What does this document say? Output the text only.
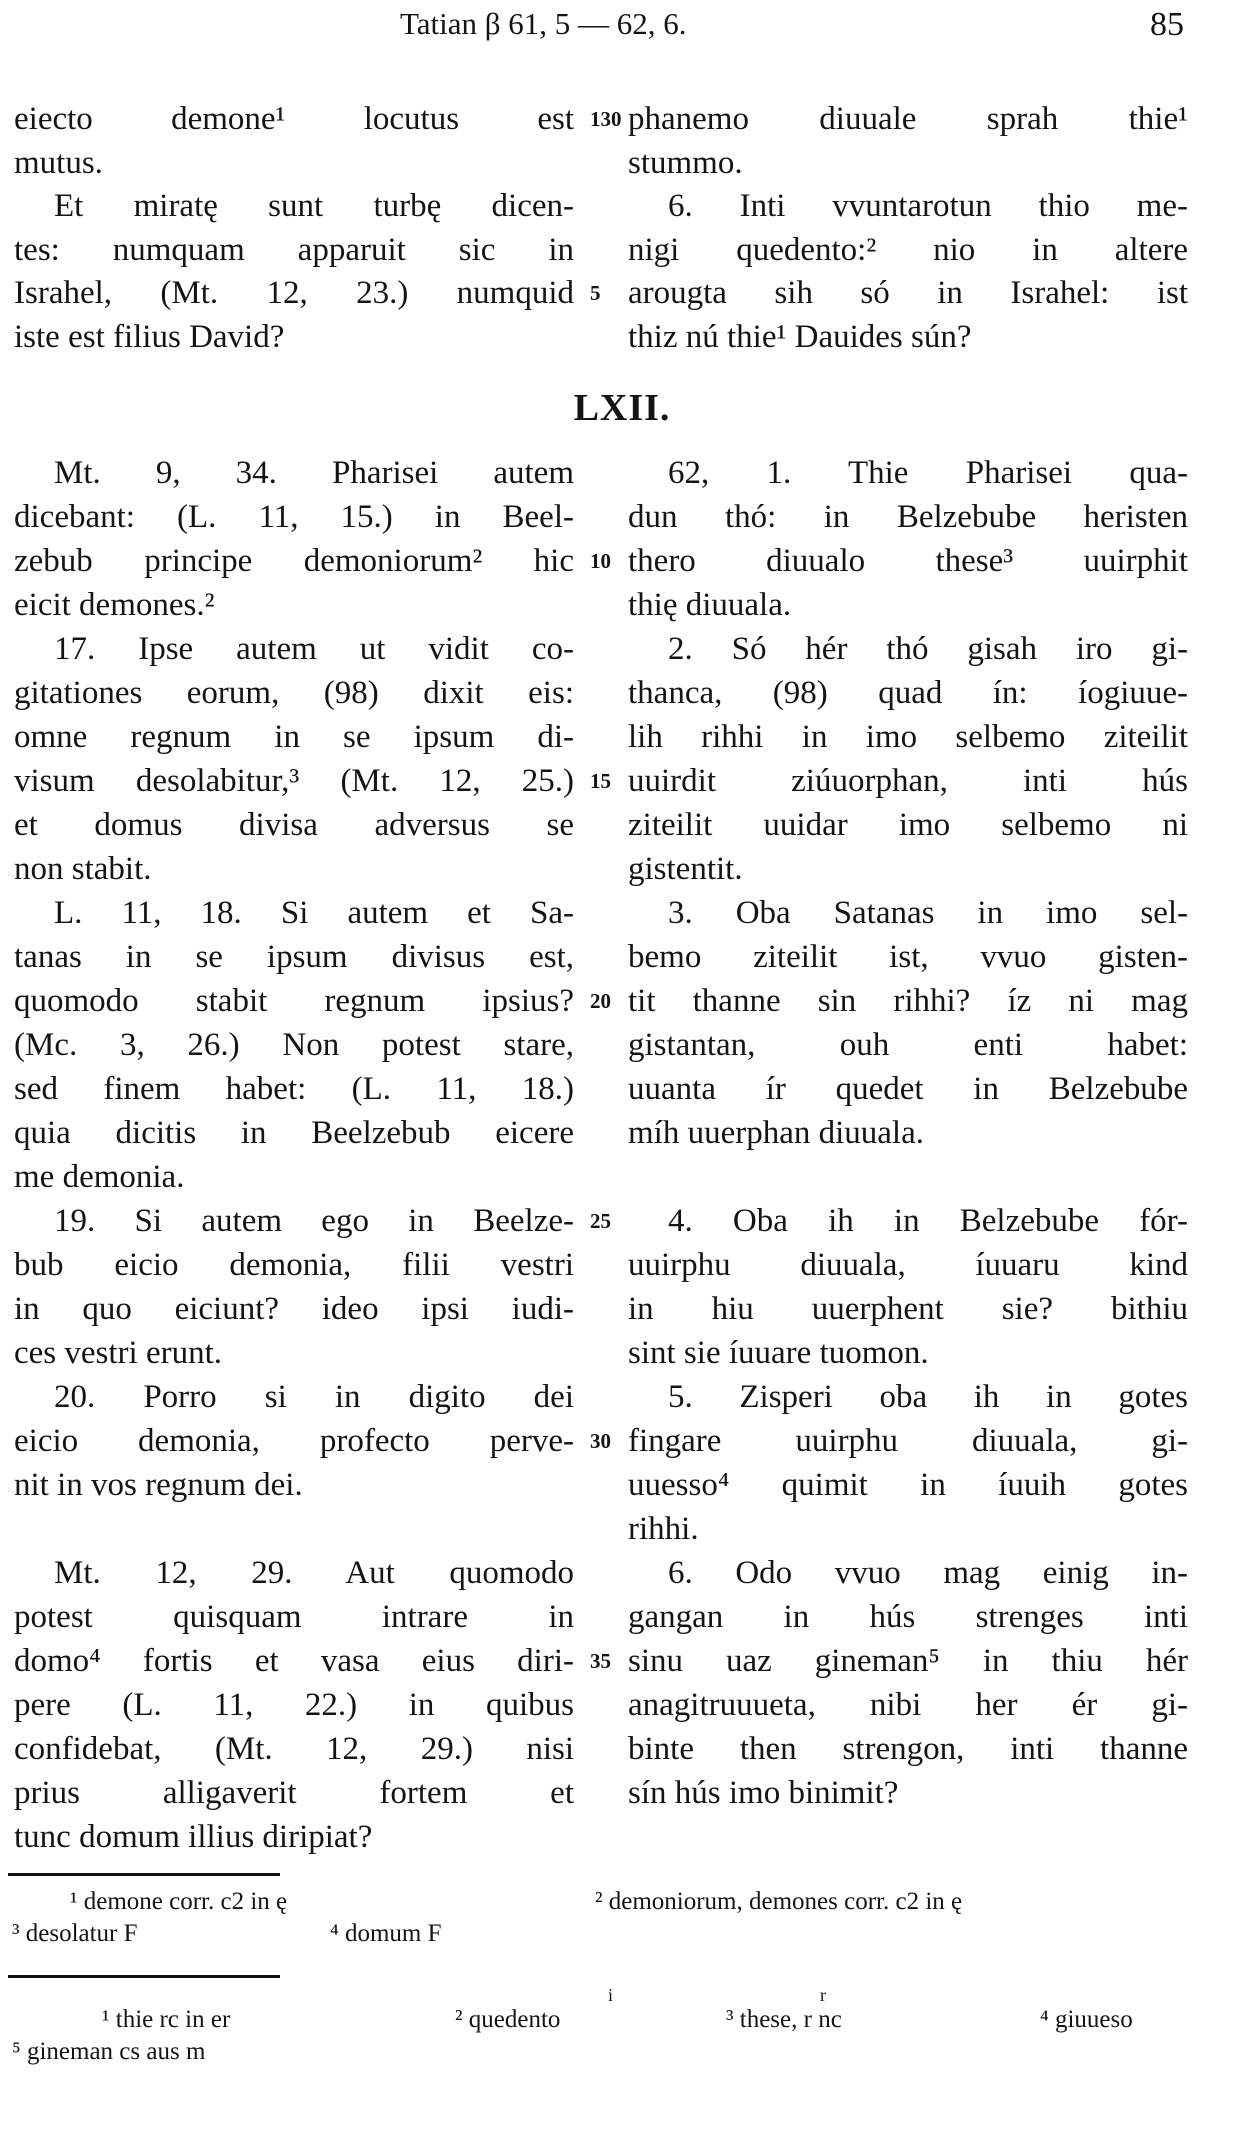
Tatian β 61, 5 — 62, 6.	85
eiecto demone¹ locutus est 130 phanemo diuuale sprah thie¹
mutus.	stummo.
Et miratę sunt turbę dicen-	6. Inti vvuntarotun thio me-
tes: numquam apparuit sic in nigi quedento:² nio in altere
Israhel, (Mt. 12, 23.) numquid 5 arougta sih só in Israhel: ist
iste est filius David?	thiz nú thie¹ Dauides sún?
Mt. 9, 34. Pharisei autem	62, 1. Thie Pharisei qua-
dicebant: (L. 11, 15.) in Beel- dun thó: in Belzebube heristen
zebub principe demoniorum² hic 10 thero diuualo these³ uuirphit
eicit demones.²	thię diuuala.
17. Ipse autem ut vidit co-	2. Só hér thó gisah iro gi-
gitationes eorum, (98) dixit eis: thanca, (98) quad ín: íogiuue-
omne regnum in se ipsum di- lih rihhi in imo selbemo ziteilit
visum desolabitur,³ (Mt. 12, 25.) 15 uuirdit ziúuorphan, inti hús
et domus divisa adversus se ziteilit uuidar imo selbemo ni
non stabit.	gistentit.
L. 11, 18. Si autem et Sa-	3. Oba Satanas in imo sel-
tanas in se ipsum divisus est, bemo ziteilit ist, vvuo gisten-
quomodo stabit regnum ipsius? 20 tit thanne sin rihhi? íz ni mag
(Mc. 3, 26.) Non potest stare, gistantan, ouh enti habet:
sed finem habet: (L. 11, 18.) uuanta ír quedet in Belzebube
quia dicitis in Beelzebub eicere míh uuerphan diuuala.
me demonia.
19. Si autem ego in Beelze- 25	4. Oba ih in Belzebube fór-
bub eicio demonia, filii vestri uuirphu diuuala, íuuaru kind
in quo eiciunt? ideo ipsi iudi- in hiu uuerphent sie? bithiu
ces vestri erunt.	sint sie íuuare tuomon.
20. Porro si in digito dei	5. Zisperi oba ih in gotes
eicio demonia, profecto perve- 30 fingare uuirphu diuuala, gi-
nit in vos regnum dei.	uuesso⁴ quimit in íuuih gotes
rihhi.
Mt. 12, 29. Aut quomodo	6. Odo vvuo mag einig in-
potest quisquam intrare in gangan in hús strenges inti
domo⁴ fortis et vasa eius diri- 35 sinu uaz gineman⁵ in thiu hér
pere (L. 11, 22.) in quibus anagitruuueta, nibi her ér gi-
confidebat, (Mt. 12, 29.) nisi binte then strengon, inti thanne
prius alligaverit fortem et sín hús imo binimit?
tunc domum illius diripiat?
LXII.
¹ demone corr. c2 in ę	² demoniorum, demones corr. c2 in ę
³ desolatur F	⁴ domum F
i	r
¹ thie rc in er	² quedento	³ these, r nc	⁴ giuueso
⁵ gineman cs aus m
